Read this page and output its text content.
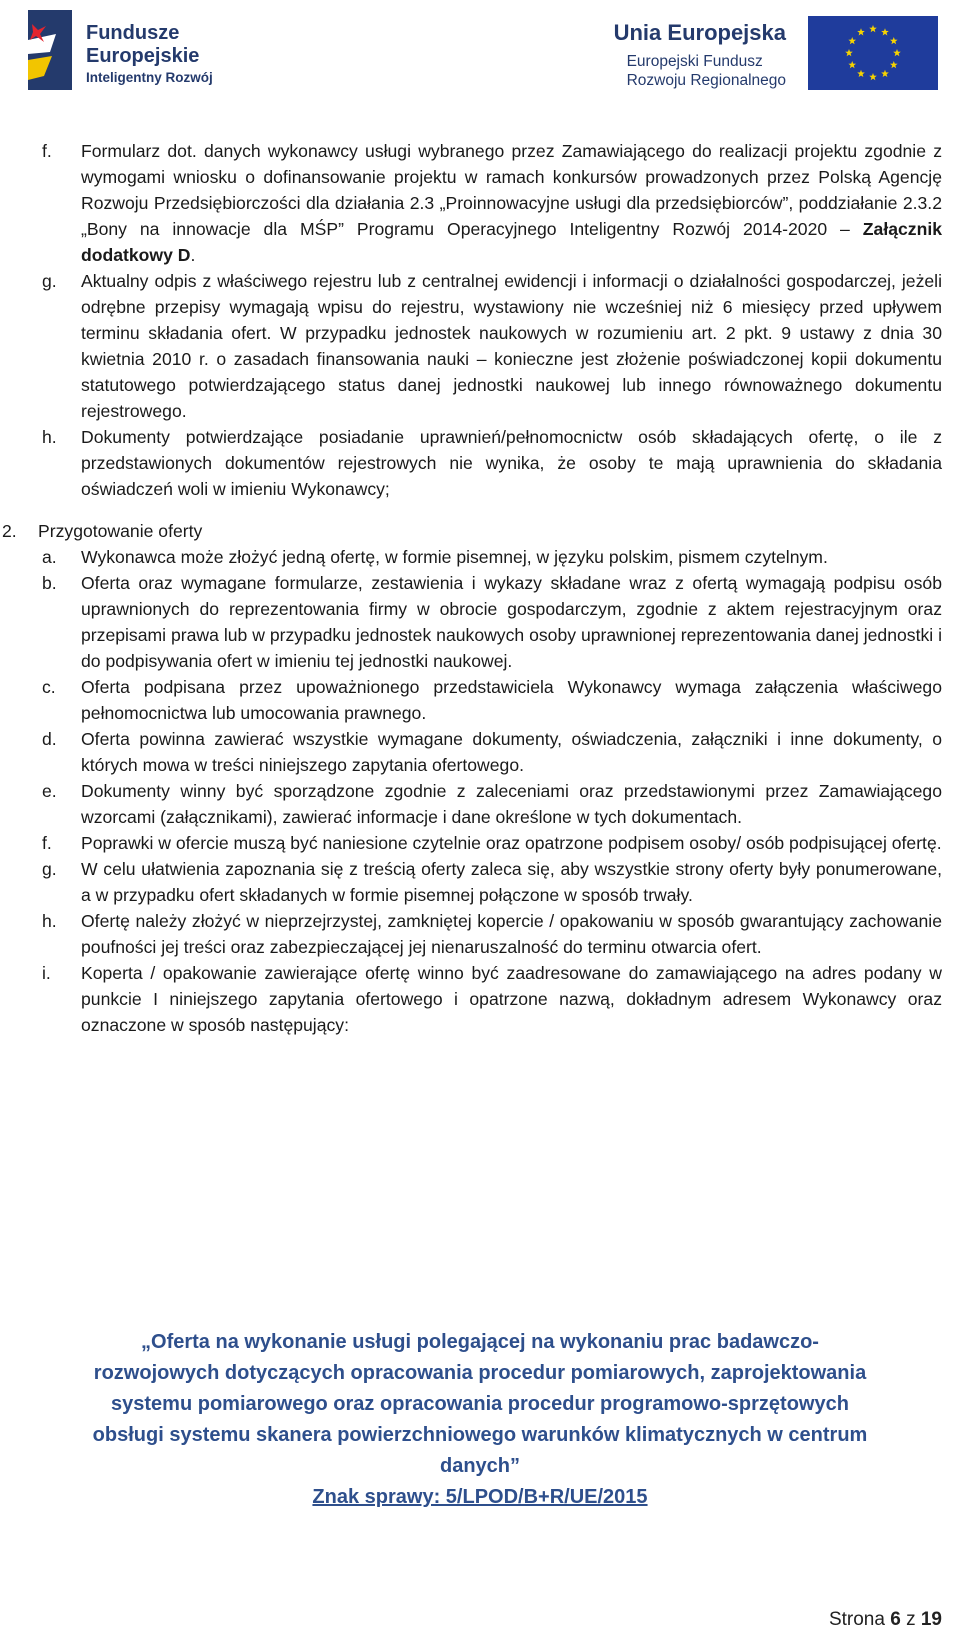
Fundusze
Europejskie
Inteligentny Rozwój
Unia Europejska
Europejski Fundusz
Rozwoju Regionalnego
f. Formularz dot. danych wykonawcy usługi wybranego przez Zamawiającego do realizacji projektu zgodnie z wymogami wniosku o dofinansowanie projektu w ramach konkursów prowadzonych przez Polską Agencję Rozwoju Przedsiębiorczości dla działania 2.3 „Proinnowacyjne usługi dla przedsiębiorców”, poddziałanie 2.3.2 „Bony na innowacje dla MŚP” Programu Operacyjnego Inteligentny Rozwój 2014-2020 – Załącznik dodatkowy D.
g. Aktualny odpis z właściwego rejestru lub z centralnej ewidencji i informacji o działalności gospodarczej, jeżeli odrębne przepisy wymagają wpisu do rejestru, wystawiony nie wcześniej niż 6 miesięcy przed upływem terminu składania ofert. W przypadku jednostek naukowych w rozumieniu art. 2 pkt. 9 ustawy z dnia 30 kwietnia 2010 r. o zasadach finansowania nauki – konieczne jest złożenie poświadczonej kopii dokumentu statutowego potwierdzającego status danej jednostki naukowej lub innego równoważnego dokumentu rejestrowego.
h. Dokumenty potwierdzające posiadanie uprawnień/pełnomocnictw osób składających ofertę, o ile z przedstawionych dokumentów rejestrowych nie wynika, że osoby te mają uprawnienia do składania oświadczeń woli w imieniu Wykonawcy;
2. Przygotowanie oferty
a. Wykonawca może złożyć jedną ofertę, w formie pisemnej, w języku polskim, pismem czytelnym.
b. Oferta oraz wymagane formularze, zestawienia i wykazy składane wraz z ofertą wymagają podpisu osób uprawnionych do reprezentowania firmy w obrocie gospodarczym, zgodnie z aktem rejestracyjnym oraz przepisami prawa lub w przypadku jednostek naukowych osoby uprawnionej reprezentowania danej jednostki i do podpisywania ofert w imieniu tej jednostki naukowej.
c. Oferta podpisana przez upoważnionego przedstawiciela Wykonawcy wymaga załączenia właściwego pełnomocnictwa lub umocowania prawnego.
d. Oferta powinna zawierać wszystkie wymagane dokumenty, oświadczenia, załączniki i inne dokumenty, o których mowa w treści niniejszego zapytania ofertowego.
e. Dokumenty winny być sporządzone zgodnie z zaleceniami oraz przedstawionymi przez Zamawiającego wzorcami (załącznikami), zawierać informacje i dane określone w tych dokumentach.
f. Poprawki w ofercie muszą być naniesione czytelnie oraz opatrzone podpisem osoby/ osób podpisującej ofertę.
g. W celu ułatwienia zapoznania się z treścią oferty zaleca się, aby wszystkie strony oferty były ponumerowane, a w przypadku ofert składanych w formie pisemnej połączone w sposób trwały.
h. Ofertę należy złożyć w nieprzejrzystej, zamkniętej kopercie / opakowaniu w sposób gwarantujący zachowanie poufności jej treści oraz zabezpieczającej jej nienaruszalność do terminu otwarcia ofert.
i. Koperta / opakowanie zawierające ofertę winno być zaadresowane do zamawiającego na adres podany w punkcie I niniejszego zapytania ofertowego i opatrzone nazwą, dokładnym adresem Wykonawcy oraz oznaczone w sposób następujący:
„Oferta na wykonanie usługi polegającej na wykonaniu prac badawczo-
rozwojowych dotyczących opracowania procedur pomiarowych, zaprojektowania
systemu pomiarowego oraz opracowania procedur programowo-sprzętowych
obsługi systemu skanera powierzchniowego warunków klimatycznych w centrum
danych”
Znak sprawy: 5/LPOD/B+R/UE/2015
Strona 6 z 19
